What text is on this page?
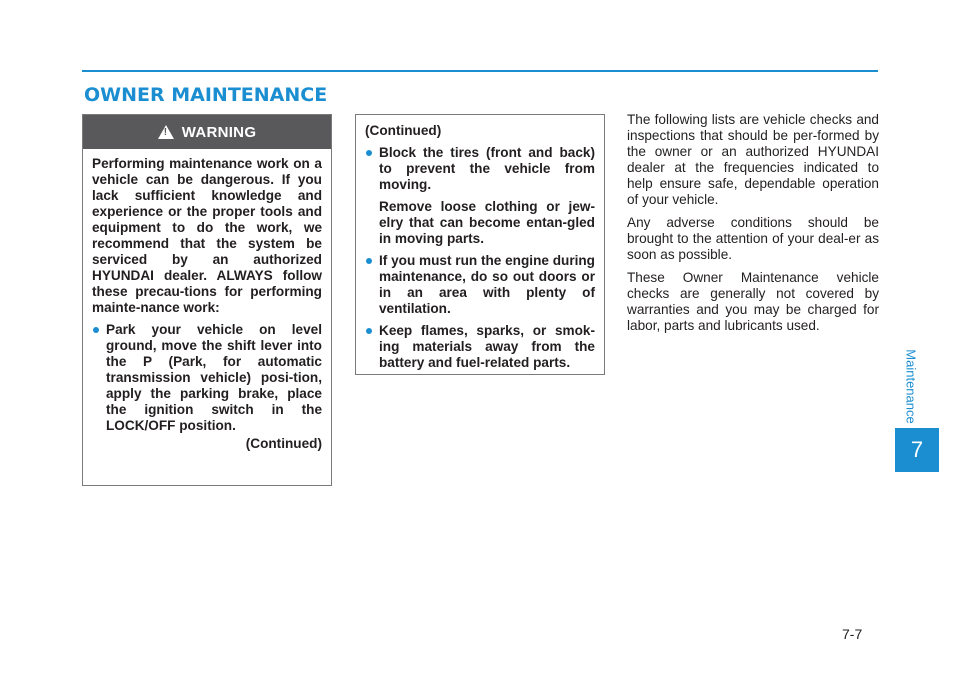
OWNER MAINTENANCE
!
WARNING

Performing maintenance work on a vehicle can be dangerous. If you lack sufficient knowledge and experience or the proper tools and equipment to do the work, we recommend that the system be serviced by an authorized HYUNDAI dealer. ALWAYS follow these precau-tions for performing mainte-nance work:

Park your vehicle on level ground, move the shift lever into the P (Park, for automatic transmission vehicle) posi-tion, apply the parking brake, place the ignition switch in the LOCK/OFF position.

(Continued)

(Continued)

Block the tires (front and back) to prevent the vehicle from moving.

Remove loose clothing or jew-elry that can become entan-gled in moving parts.

If you must run the engine during maintenance, do so out doors or in an area with plenty of ventilation.

Keep flames, sparks, or smok-ing materials away from the battery and fuel-related parts.

The following lists are vehicle checks and inspections that should be per-formed by the owner or an authorized HYUNDAI dealer at the frequencies indicated to help ensure safe, dependable operation of your vehicle.

Any adverse conditions should be brought to the attention of your deal-er as soon as possible.

These Owner Maintenance vehicle checks are generally not covered by warranties and you may be charged for labor, parts and lubricants used.

Maintenance
7
7-7
